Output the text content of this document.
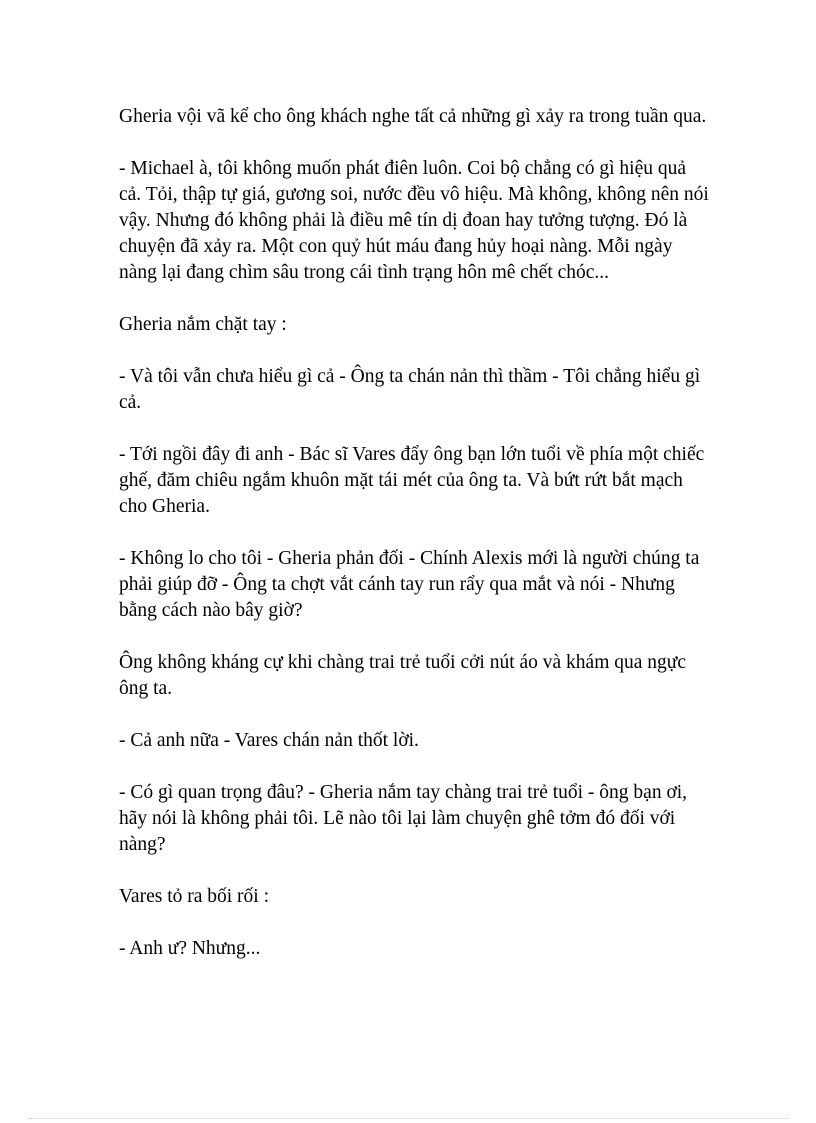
Gheria vội vã kể cho ông khách nghe tất cả những gì xảy ra trong tuần qua.

- Michael à, tôi không muốn phát điên luôn. Coi bộ chẳng có gì hiệu quả cả. Tỏi, thập tự giá, gương soi, nước đều vô hiệu. Mà không, không nên nói vậy. Nhưng đó không phải là điều mê tín dị đoan hay tưởng tượng. Đó là chuyện đã xảy ra. Một con quỷ hút máu đang hủy hoại nàng. Mỗi ngày nàng lại đang chìm sâu trong cái tình trạng hôn mê chết chóc...

Gheria nắm chặt tay :

- Và tôi vẫn chưa hiểu gì cả - Ông ta chán nản thì thầm - Tôi chẳng hiểu gì cả.

- Tới ngồi đây đi anh - Bác sĩ Vares đẩy ông bạn lớn tuổi về phía một chiếc ghế, đăm chiêu ngắm khuôn mặt tái mét của ông ta. Và bứt rứt bắt mạch cho Gheria.

- Không lo cho tôi - Gheria phản đối - Chính Alexis mới là người chúng ta phải giúp đỡ - Ông ta chợt vắt cánh tay run rẩy qua mắt và nói - Nhưng bằng cách nào bây giờ?

Ông không kháng cự khi chàng trai trẻ tuổi cởi nút áo và khám qua ngực ông ta.

- Cả anh nữa - Vares chán nản thốt lời.

- Có gì quan trọng đâu? - Gheria nắm tay chàng trai trẻ tuổi - ông bạn ơi, hãy nói là không phải tôi. Lẽ nào tôi lại làm chuyện ghê tởm đó đối với nàng?

Vares tỏ ra bối rối :

- Anh ư? Nhưng...
